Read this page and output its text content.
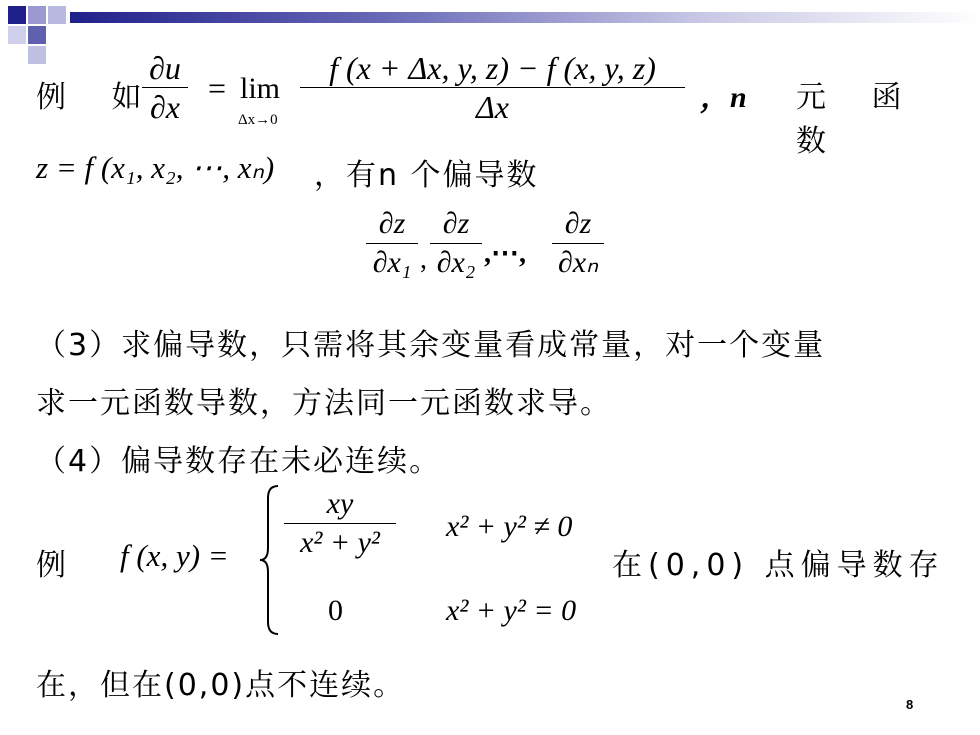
例 如
∂u
∂x
= lim
Δx→0
f (x + Δx, y, z) − f (x, y, z)
Δx	，n 元 函 数
z = f (x₁, x₂, ⋯, xₙ) ，有n 个偏导数
∂z
∂x₁ ,
∂z
∂x₂ ,⋯,
∂z
∂xₙ
（3）求偏导数，只需将其余变量看成常量，对一个变量
求一元函数导数，方法同一元函数求导。
（4）偏导数存在未必连续。
例 f (x, y) =
xy
x² + y²	x² + y² ≠ 0
0	x² + y² = 0
在(0,0) 点偏导数存
在，但在(0,0)点不连续。
8
